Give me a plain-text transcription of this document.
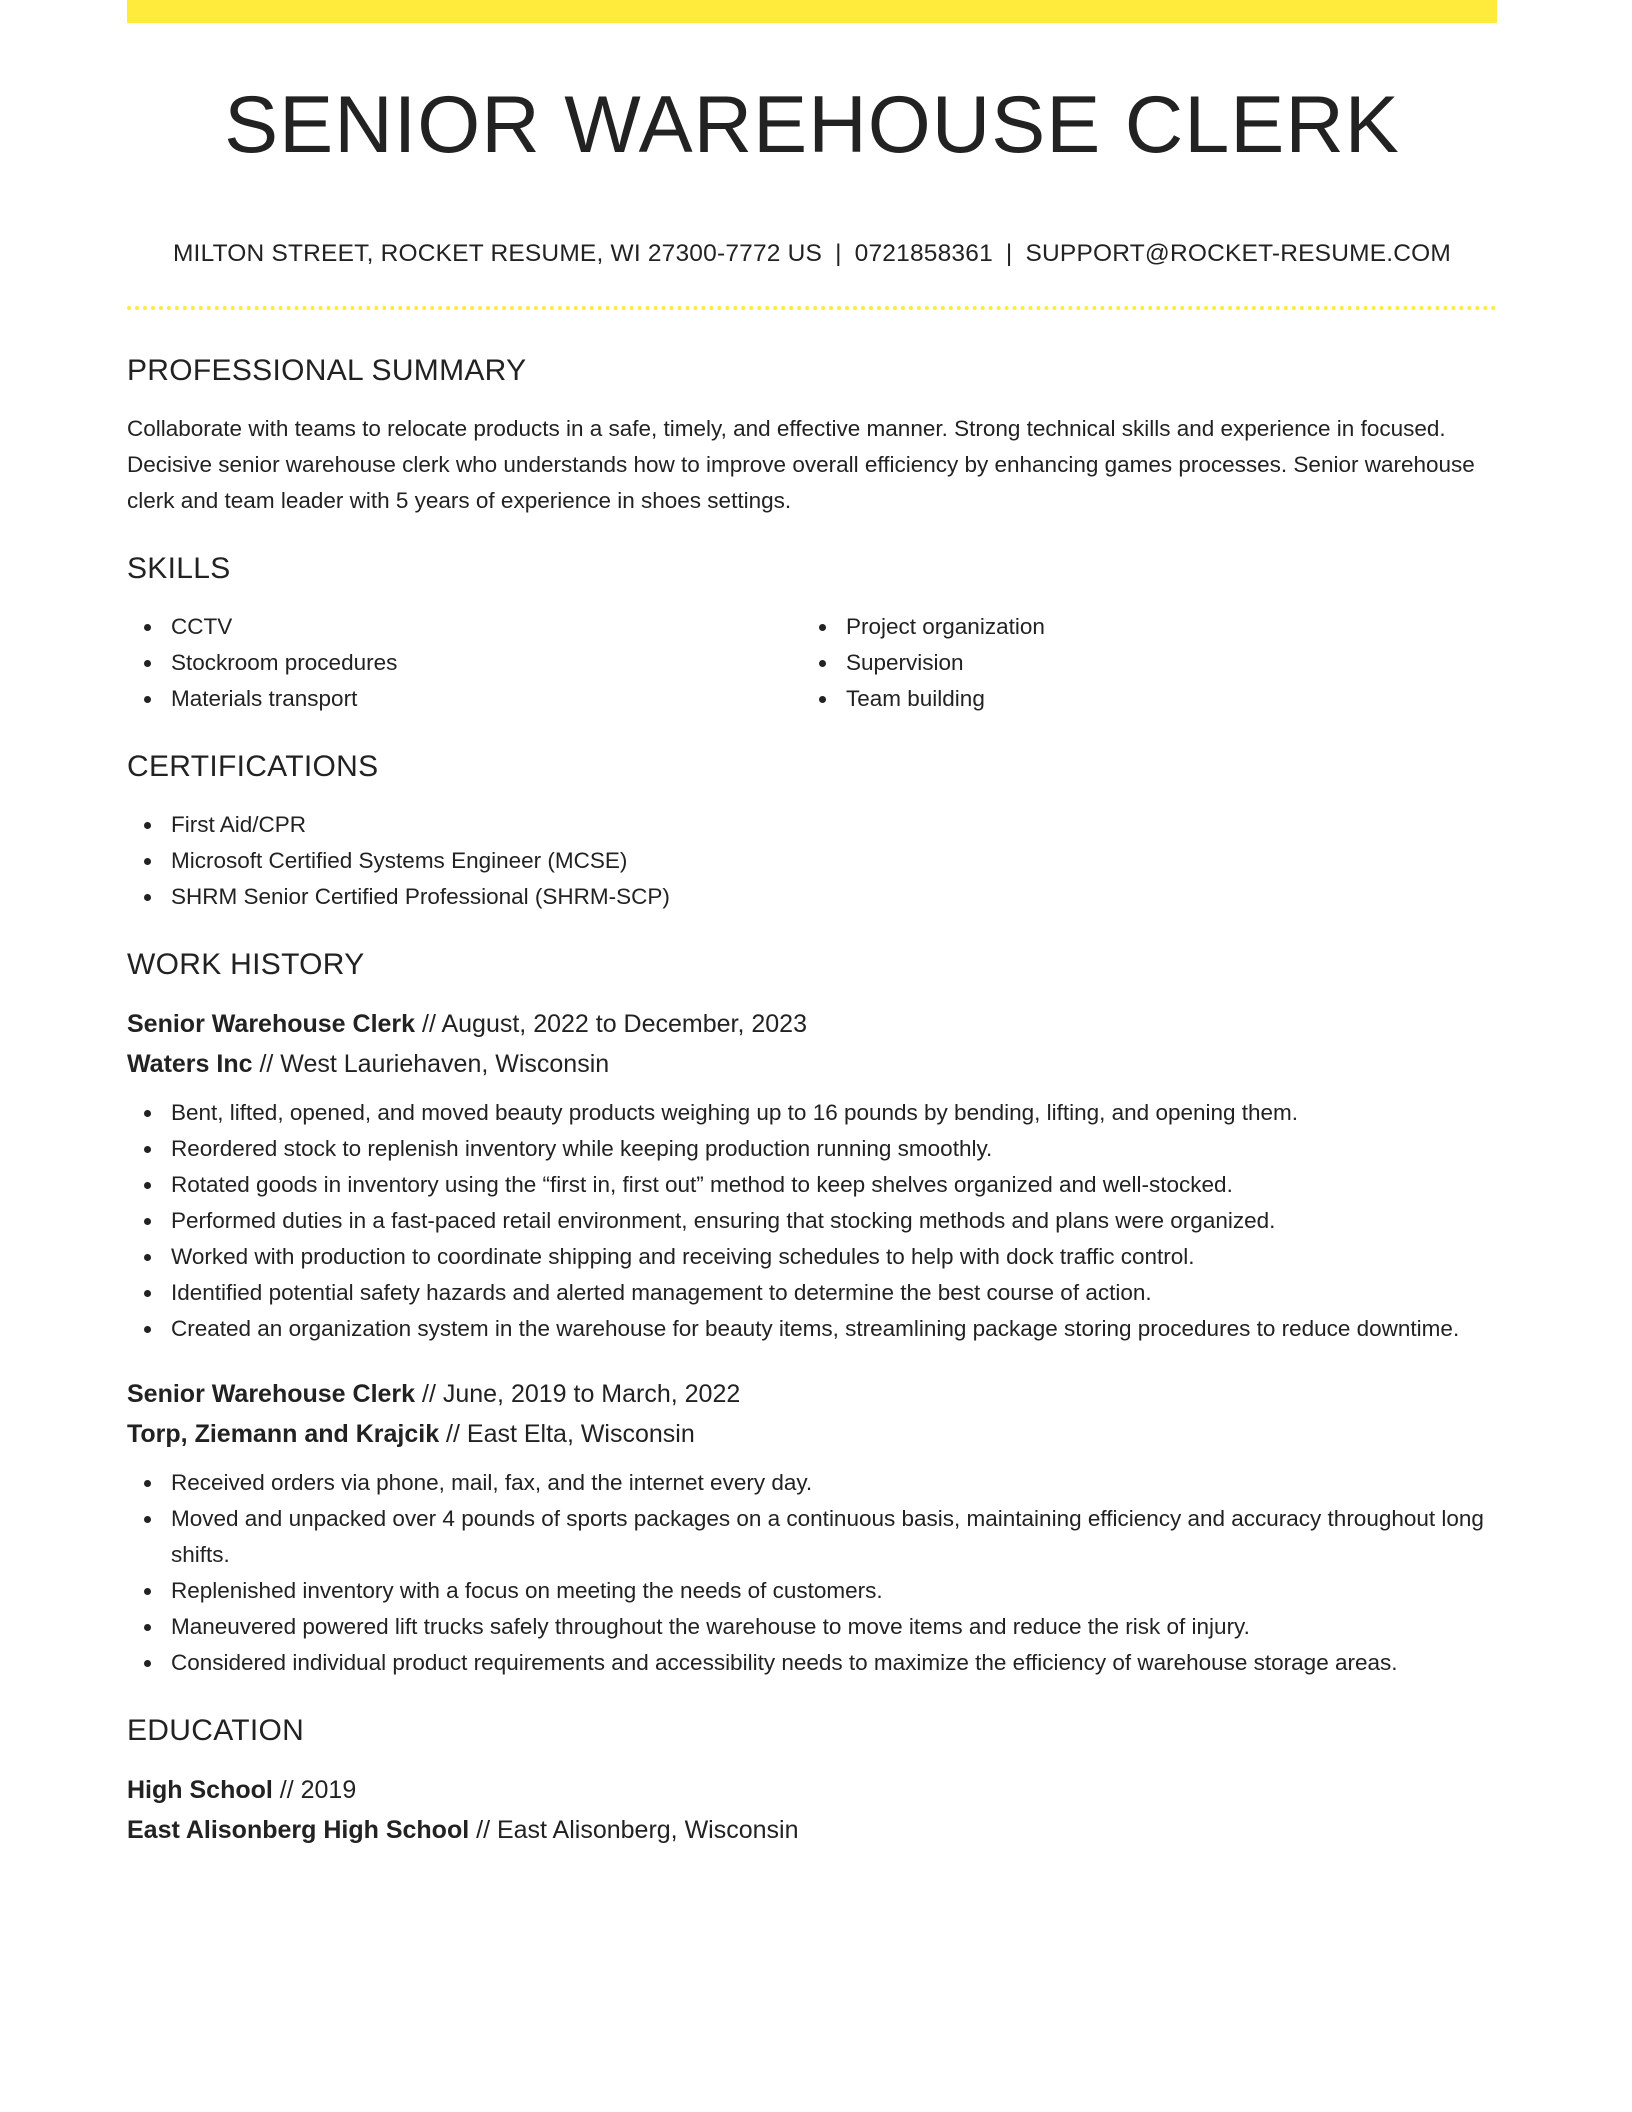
SENIOR WAREHOUSE CLERK
MILTON STREET, ROCKET RESUME, WI 27300-7772 US | 0721858361 | SUPPORT@ROCKET-RESUME.COM
PROFESSIONAL SUMMARY
Collaborate with teams to relocate products in a safe, timely, and effective manner. Strong technical skills and experience in focused. Decisive senior warehouse clerk who understands how to improve overall efficiency by enhancing games processes. Senior warehouse clerk and team leader with 5 years of experience in shoes settings.
SKILLS
CCTV
Stockroom procedures
Materials transport
Project organization
Supervision
Team building
CERTIFICATIONS
First Aid/CPR
Microsoft Certified Systems Engineer (MCSE)
SHRM Senior Certified Professional (SHRM-SCP)
WORK HISTORY
Senior Warehouse Clerk // August, 2022 to December, 2023
Waters Inc // West Lauriehaven, Wisconsin
Bent, lifted, opened, and moved beauty products weighing up to 16 pounds by bending, lifting, and opening them.
Reordered stock to replenish inventory while keeping production running smoothly.
Rotated goods in inventory using the “first in, first out” method to keep shelves organized and well-stocked.
Performed duties in a fast-paced retail environment, ensuring that stocking methods and plans were organized.
Worked with production to coordinate shipping and receiving schedules to help with dock traffic control.
Identified potential safety hazards and alerted management to determine the best course of action.
Created an organization system in the warehouse for beauty items, streamlining package storing procedures to reduce downtime.
Senior Warehouse Clerk // June, 2019 to March, 2022
Torp, Ziemann and Krajcik // East Elta, Wisconsin
Received orders via phone, mail, fax, and the internet every day.
Moved and unpacked over 4 pounds of sports packages on a continuous basis, maintaining efficiency and accuracy throughout long shifts.
Replenished inventory with a focus on meeting the needs of customers.
Maneuvered powered lift trucks safely throughout the warehouse to move items and reduce the risk of injury.
Considered individual product requirements and accessibility needs to maximize the efficiency of warehouse storage areas.
EDUCATION
High School // 2019
East Alisonberg High School // East Alisonberg, Wisconsin
